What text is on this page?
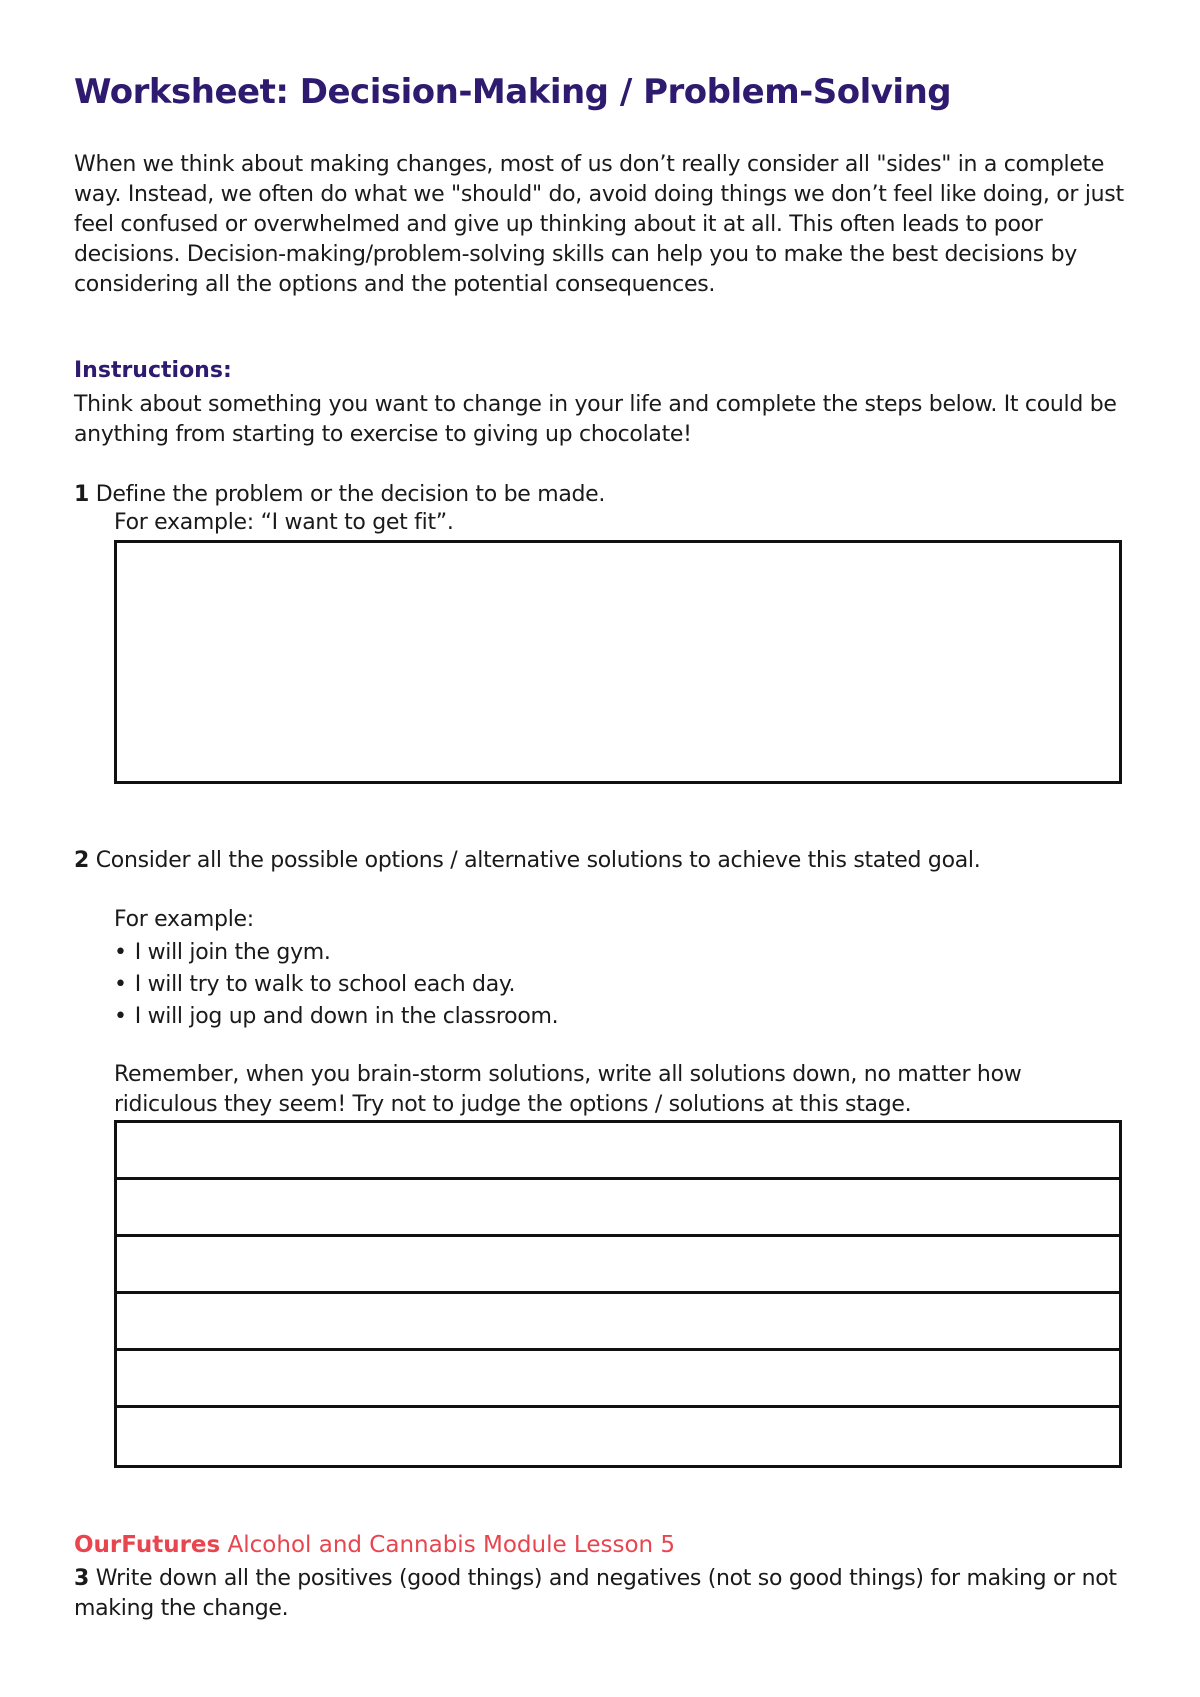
Worksheet: Decision-Making / Problem-Solving

When we think about making changes, most of us don’t really consider all "sides" in a complete way. Instead, we often do what we "should" do, avoid doing things we don’t feel like doing, or just feel confused or overwhelmed and give up thinking about it at all. This often leads to poor decisions. Decision-making/problem-solving skills can help you to make the best decisions by considering all the options and the potential consequences.

Instructions:

Think about something you want to change in your life and complete the steps below. It could be anything from starting to exercise to giving up chocolate!

1 Define the problem or the decision to be made.

For example: “I want to get fit”.

2 Consider all the possible options / alternative solutions to achieve this stated goal.

For example:

• I will join the gym.
• I will try to walk to school each day.
• I will jog up and down in the classroom.

Remember, when you brain-storm solutions, write all solutions down, no matter how ridiculous they seem! Try not to judge the options / solutions at this stage.

OurFutures Alcohol and Cannabis Module Lesson 5

3 Write down all the positives (good things) and negatives (not so good things) for making or not making the change.
